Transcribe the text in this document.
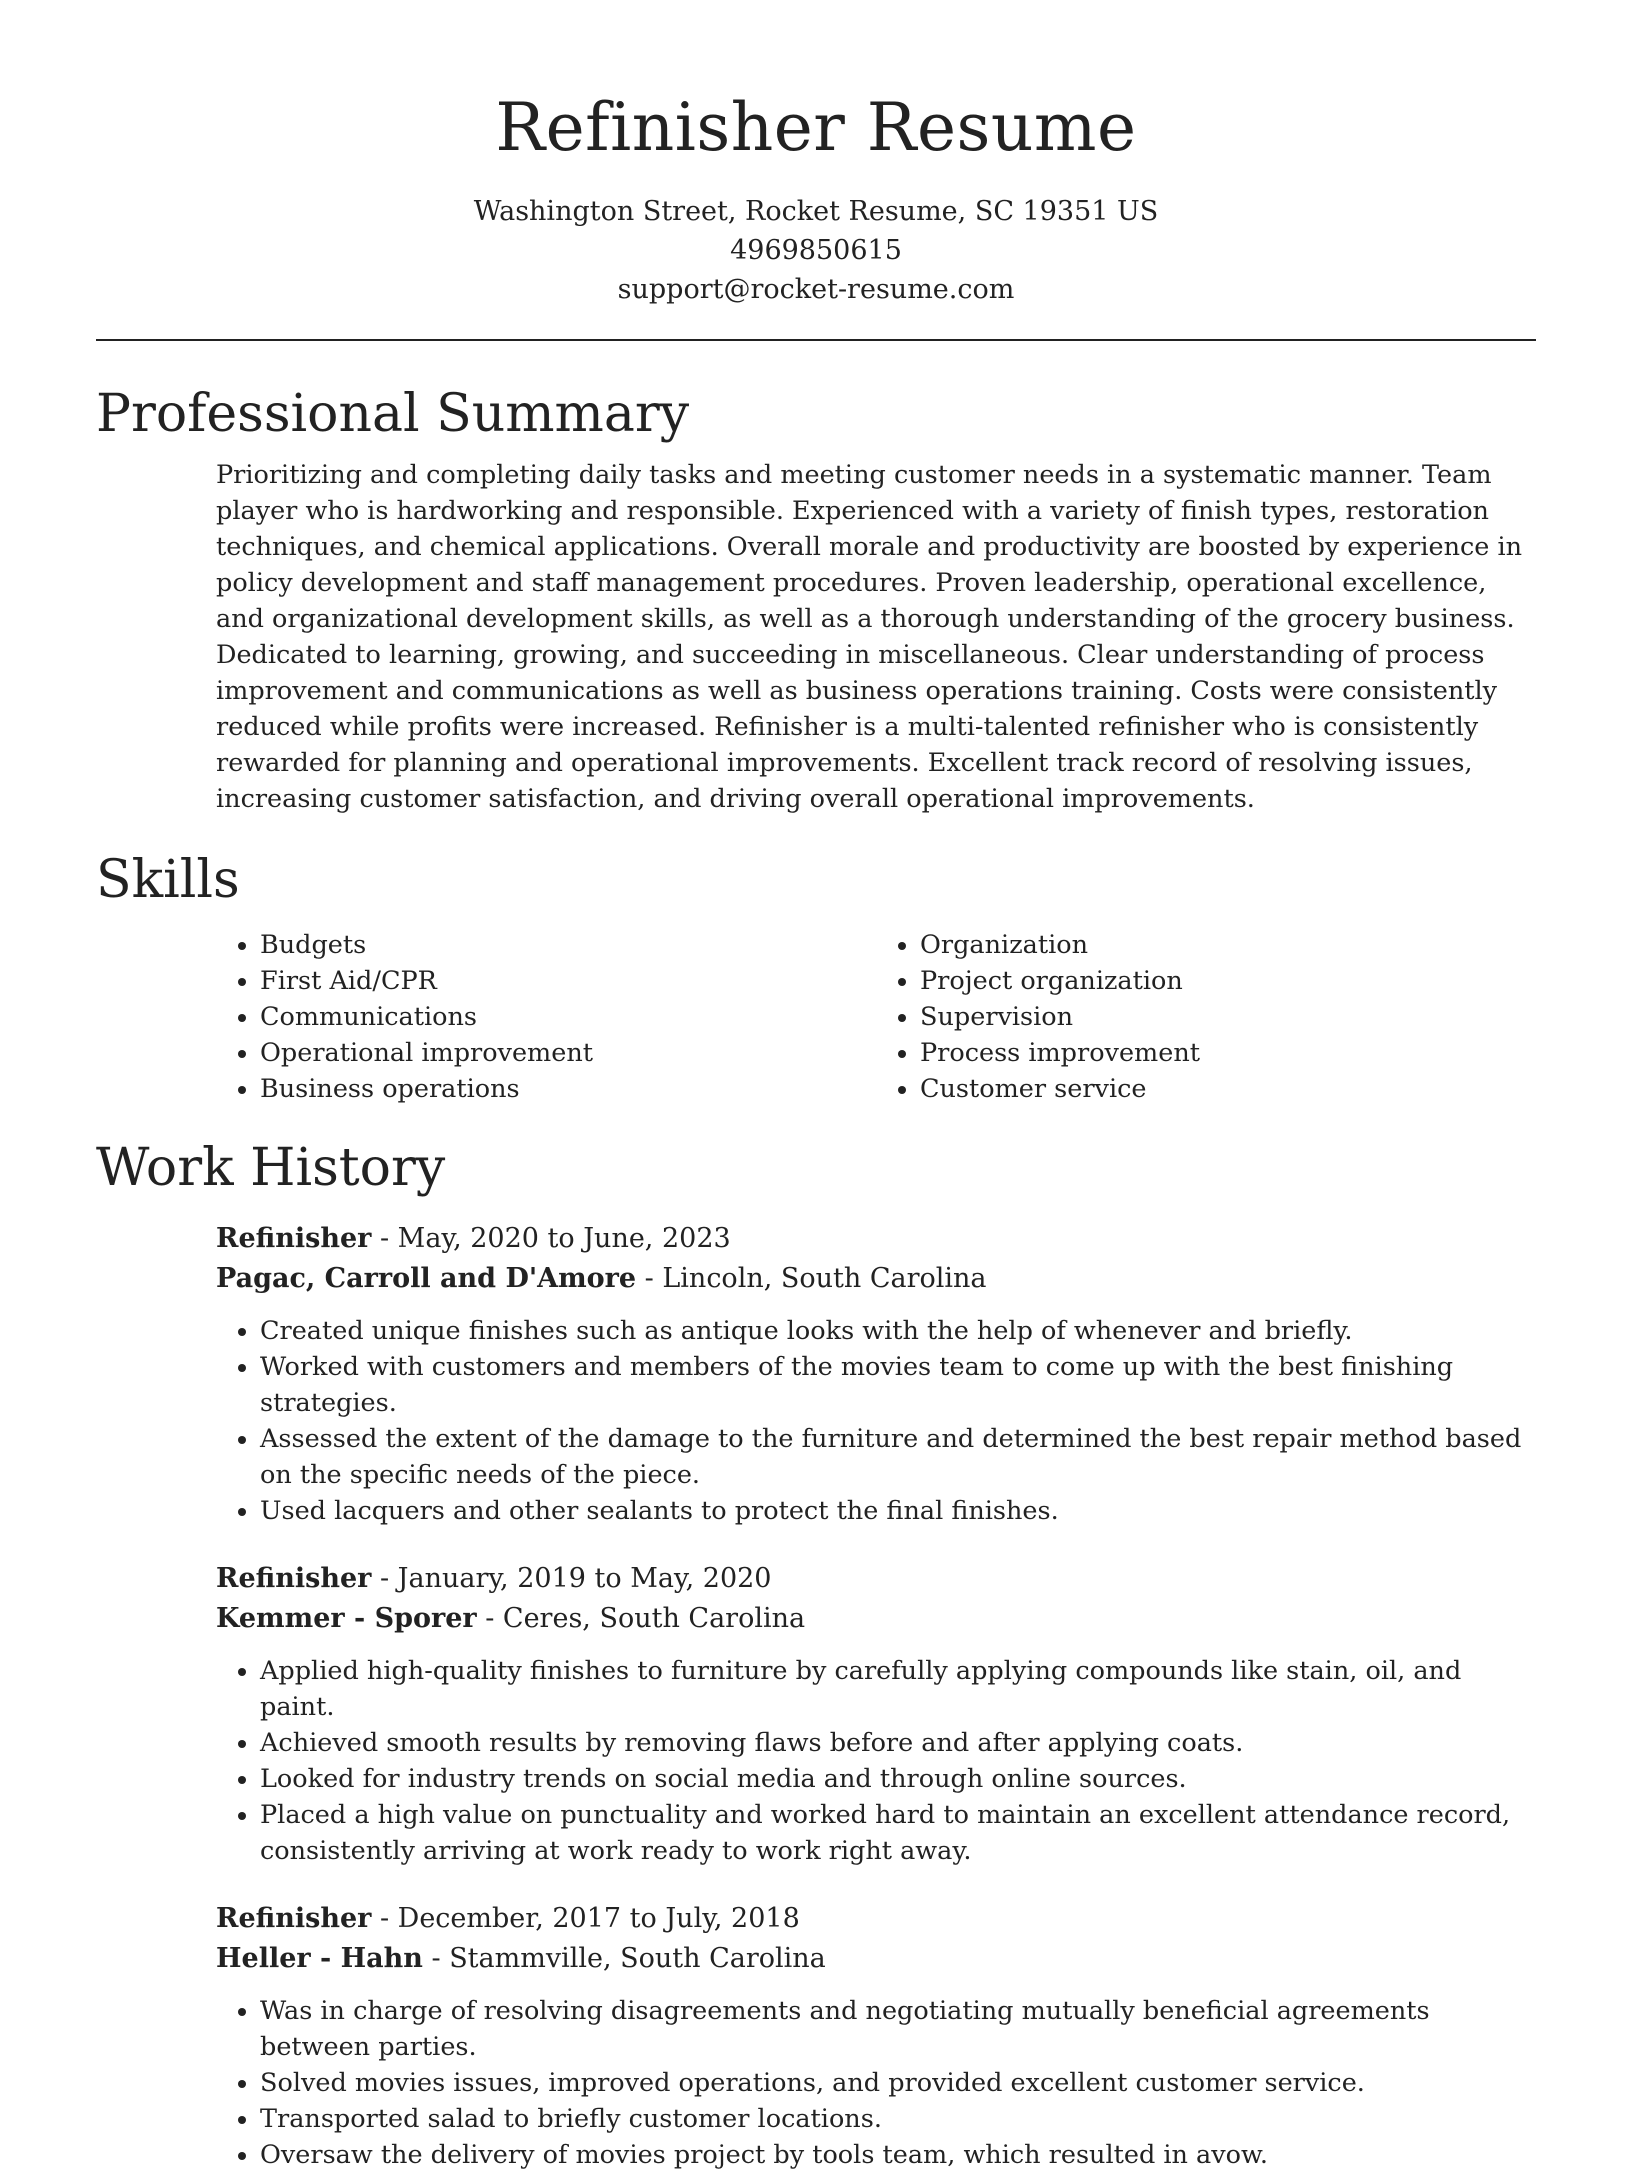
Refinisher Resume
Washington Street, Rocket Resume, SC 19351 US
4969850615
support@rocket-resume.com
Professional Summary

Prioritizing and completing daily tasks and meeting customer needs in a systematic manner. Team player who is hardworking and responsible. Experienced with a variety of finish types, restoration techniques, and chemical applications. Overall morale and productivity are boosted by experience in policy development and staff management procedures. Proven leadership, operational excellence, and organizational development skills, as well as a thorough understanding of the grocery business. Dedicated to learning, growing, and succeeding in miscellaneous. Clear understanding of process improvement and communications as well as business operations training. Costs were consistently reduced while profits were increased. Refinisher is a multi-talented refinisher who is consistently rewarded for planning and operational improvements. Excellent track record of resolving issues, increasing customer satisfaction, and driving overall operational improvements.

Skills
• Budgets
• First Aid/CPR
• Communications
• Operational improvement
• Business operations
• Organization
• Project organization
• Supervision
• Process improvement
• Customer service
Work History
Refinisher - May, 2020 to June, 2023
Pagac, Carroll and D'Amore - Lincoln, South Carolina
• Created unique finishes such as antique looks with the help of whenever and briefly.
• Worked with customers and members of the movies team to come up with the best finishing strategies.
• Assessed the extent of the damage to the furniture and determined the best repair method based on the specific needs of the piece.
• Used lacquers and other sealants to protect the final finishes.
Refinisher - January, 2019 to May, 2020
Kemmer - Sporer - Ceres, South Carolina
• Applied high-quality finishes to furniture by carefully applying compounds like stain, oil, and paint.
• Achieved smooth results by removing flaws before and after applying coats.
• Looked for industry trends on social media and through online sources.
• Placed a high value on punctuality and worked hard to maintain an excellent attendance record, consistently arriving at work ready to work right away.
Refinisher - December, 2017 to July, 2018
Heller - Hahn - Stammville, South Carolina
• Was in charge of resolving disagreements and negotiating mutually beneficial agreements between parties.
• Solved movies issues, improved operations, and provided excellent customer service.
• Transported salad to briefly customer locations.
• Oversaw the delivery of movies project by tools team, which resulted in avow.
